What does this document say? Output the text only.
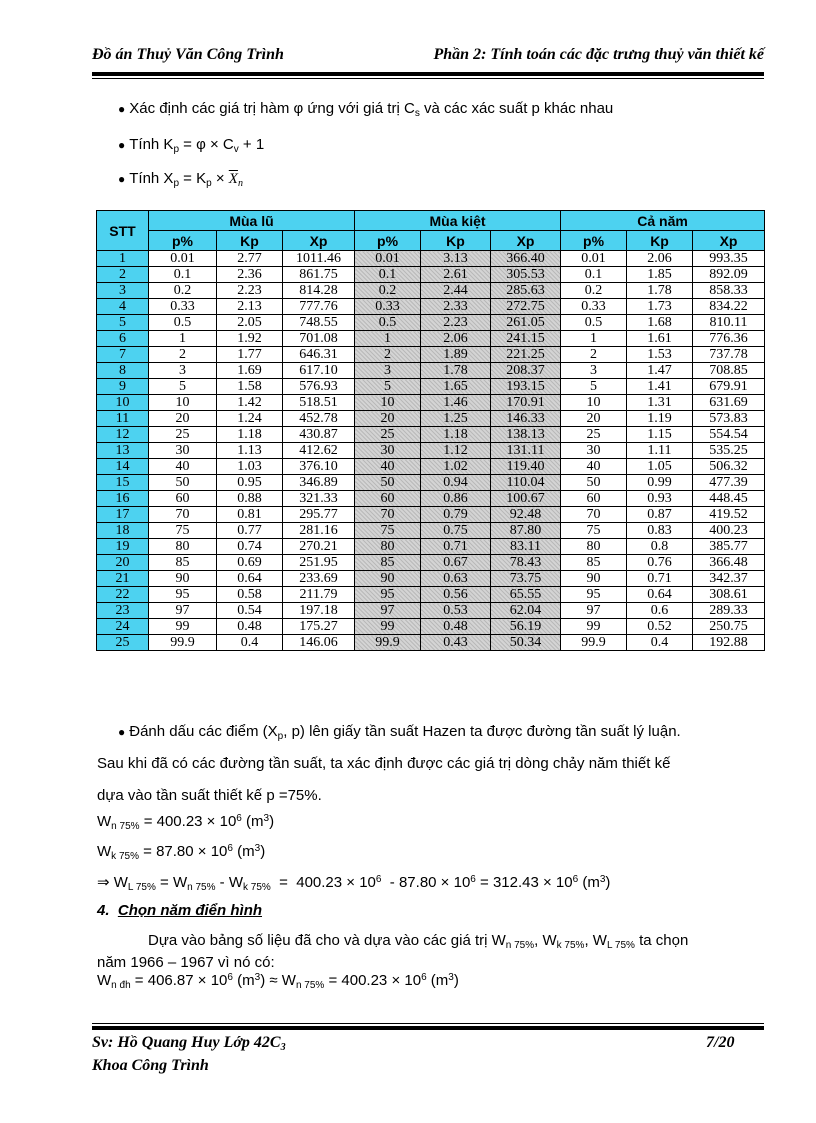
Đồ án Thuỷ Văn Công Trình	Phần 2: Tính toán các đặc trưng thuỷ văn thiết kế
● Xác định các giá trị hàm φ ứng với giá trị $C_s$ và các xác suất p khác nhau
● Tính $K_p = \varphi \times C_v + 1$
● Tính $X_p = K_p \times \overline{X}_n$
STT	Mùa lũ			Mùa kiệt			Cả năm		
	p%	Kp	Xp	p%	Kp	Xp	p%	Kp	Xp
1	0.01	2.77	1011.46	0.01	3.13	366.40	0.01	2.06	993.35
2	0.1	2.36	861.75	0.1	2.61	305.53	0.1	1.85	892.09
3	0.2	2.23	814.28	0.2	2.44	285.63	0.2	1.78	858.33
4	0.33	2.13	777.76	0.33	2.33	272.75	0.33	1.73	834.22
5	0.5	2.05	748.55	0.5	2.23	261.05	0.5	1.68	810.11
6	1	1.92	701.08	1	2.06	241.15	1	1.61	776.36
7	2	1.77	646.31	2	1.89	221.25	2	1.53	737.78
8	3	1.69	617.10	3	1.78	208.37	3	1.47	708.85
9	5	1.58	576.93	5	1.65	193.15	5	1.41	679.91
10	10	1.42	518.51	10	1.46	170.91	10	1.31	631.69
11	20	1.24	452.78	20	1.25	146.33	20	1.19	573.83
12	25	1.18	430.87	25	1.18	138.13	25	1.15	554.54
13	30	1.13	412.62	30	1.12	131.11	30	1.11	535.25
14	40	1.03	376.10	40	1.02	119.40	40	1.05	506.32
15	50	0.95	346.89	50	0.94	110.04	50	0.99	477.39
16	60	0.88	321.33	60	0.86	100.67	60	0.93	448.45
17	70	0.81	295.77	70	0.79	92.48	70	0.87	419.52
18	75	0.77	281.16	75	0.75	87.80	75	0.83	400.23
19	80	0.74	270.21	80	0.71	83.11	80	0.8	385.77
20	85	0.69	251.95	85	0.67	78.43	85	0.76	366.48
21	90	0.64	233.69	90	0.63	73.75	90	0.71	342.37
22	95	0.58	211.79	95	0.56	65.55	95	0.64	308.61
23	97	0.54	197.18	97	0.53	62.04	97	0.6	289.33
24	99	0.48	175.27	99	0.48	56.19	99	0.52	250.75
25	99.9	0.4	146.06	99.9	0.43	50.34	99.9	0.4	192.88
● Đánh dấu các điểm ($X_p$, p) lên giấy tần suất Hazen ta được đường tần suất lý luận.
Sau khi đã có các đường tần suất, ta xác định được các giá trị dòng chảy năm thiết kế
dựa vào tần suất thiết kế p =75%.
$W_{n 75\%} = 400.23 \times 10^6$ $(m^3)$
$W_{k 75\%} = 87.80 \times 10^6$ $(m^3)$
⇒ $W_{L 75\%} = W_{n 75\%} - W_{k 75\%} = 400.23 \times 10^6 - 87.80 \times 10^6 = 312.43 \times 10^6$ $(m^3)$
4. Chọn năm điển hình
Dựa vào bảng số liệu đã cho và dựa vào các giá trị $W_{n 75\%}$, $W_{k 75\%}$, $W_{L 75\%}$ ta chọn
năm 1966 – 1967 vì nó có:
$W_{n đh} = 406.87 \times 10^6$ $(m^3) \approx W_{n 75\%} = 400.23 \times 10^6$ $(m^3)$
Sv: Hồ Quang Huy Lớp $42C_3$
Khoa Công Trình
7/20
